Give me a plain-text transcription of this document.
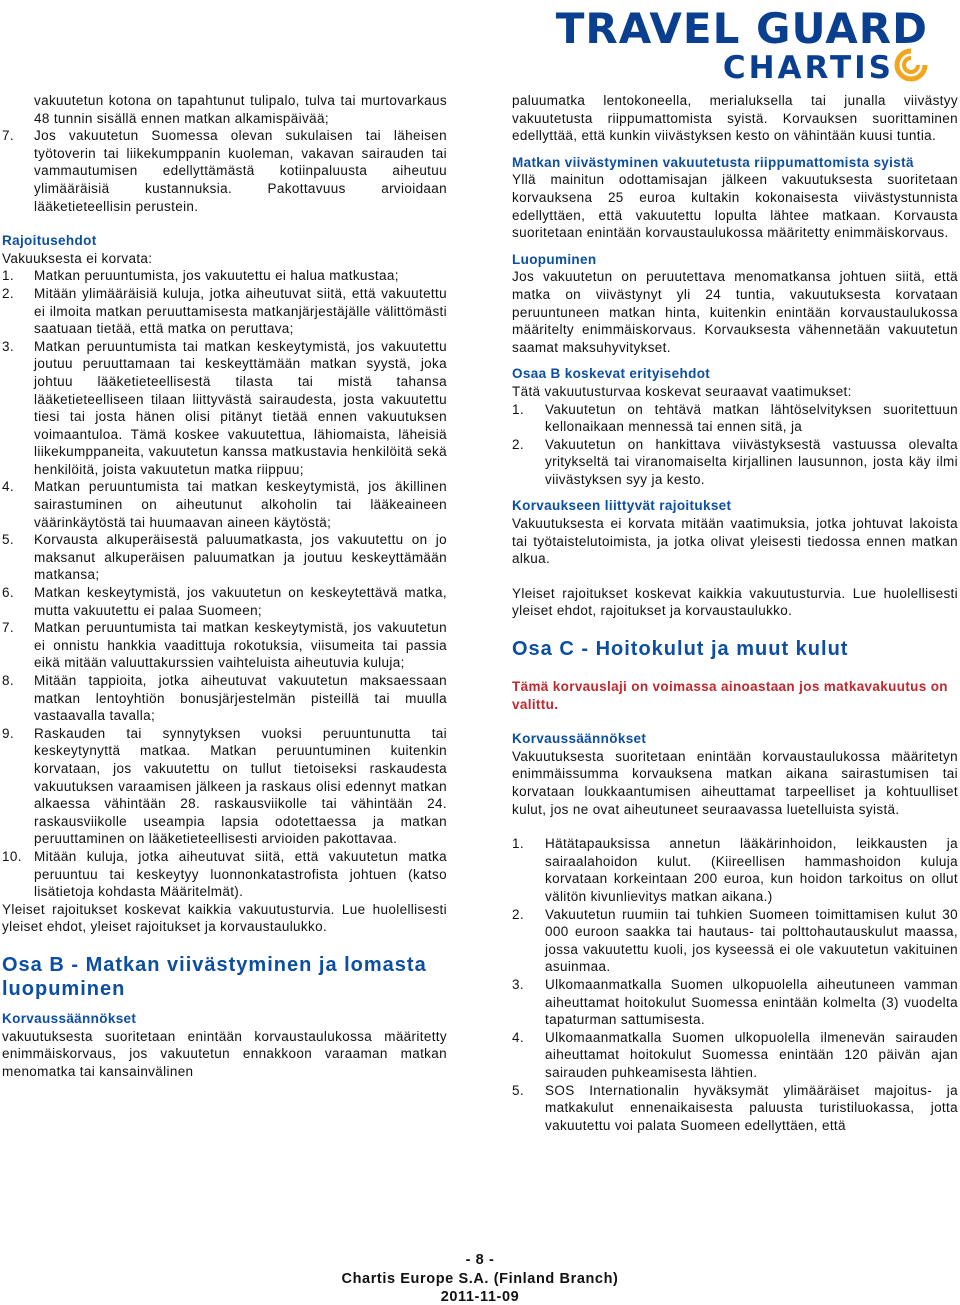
TRAVEL GUARD
CHARTIS
vakuutetun kotona on tapahtunut tulipalo, tulva tai murtovarkaus 48 tunnin sisällä ennen matkan alkamispäivää;
7.	Jos vakuutetun Suomessa olevan sukulaisen tai läheisen työtoverin tai liikekumppanin kuoleman, vakavan sairauden tai vammautumisen edellyttämästä kotiinpaluusta aiheutuu ylimääräisiä kustannuksia. Pakottavuus arvioidaan lääketieteellisin perustein.

Rajoitusehdot

Vakuuksesta ei korvata:

1.	Matkan peruuntumista, jos vakuutettu ei halua matkustaa;
2.	Mitään ylimääräisiä kuluja, jotka aiheutuvat siitä, että vakuutettu ei ilmoita matkan peruuttamisesta matkanjärjestäjälle välittömästi saatuaan tietää, että matka on peruttava;
3.	Matkan peruuntumista tai matkan keskeytymistä, jos vakuutettu joutuu peruuttamaan tai keskeyttämään matkan syystä, joka johtuu lääketieteellisestä tilasta tai mistä tahansa lääketieteelliseen tilaan liittyvästä sairaudesta, josta vakuutettu tiesi tai josta hänen olisi pitänyt tietää ennen vakuutuksen voimaantuloa. Tämä koskee vakuutettua, lähiomaista, läheisiä liikekumppaneita, vakuutetun kanssa matkustavia henkilöitä sekä henkilöitä, joista vakuutetun matka riippuu;
4.	Matkan peruuntumista tai matkan keskeytymistä, jos äkillinen sairastuminen on aiheutunut alkoholin tai lääkeaineen väärinkäytöstä tai huumaavan aineen käytöstä;
5.	Korvausta alkuperäisestä paluumatkasta, jos vakuutettu on jo maksanut alkuperäisen paluumatkan ja joutuu keskeyttämään matkansa;
6.	Matkan keskeytymistä, jos vakuutetun on keskeytettävä matka, mutta vakuutettu ei palaa Suomeen;
7.	Matkan peruuntumista tai matkan keskeytymistä, jos vakuutetun ei onnistu hankkia vaadittuja rokotuksia, viisumeita tai passia eikä mitään valuuttakurssien vaihteluista aiheutuvia kuluja;
8.	Mitään tappioita, jotka aiheutuvat vakuutetun maksaessaan matkan lentoyhtiön bonusjärjestelmän pisteillä tai muulla vastaavalla tavalla;
9.	Raskauden tai synnytyksen vuoksi peruuntunutta tai keskeytynyttä matkaa. Matkan peruuntuminen kuitenkin korvataan, jos vakuutettu on tullut tietoiseksi raskaudesta vakuutuksen varaamisen jälkeen ja raskaus olisi edennyt matkan alkaessa vähintään 28. raskausviikolle tai vähintään 24. raskausviikolle useampia lapsia odotettaessa ja matkan peruuttaminen on lääketieteellisesti arvioiden pakottavaa.
10. Mitään kuluja, jotka aiheutuvat siitä, että vakuutetun matka peruuntuu tai keskeytyy luonnonkatastrofista johtuen (katso lisätietoja kohdasta Määritelmät).

Yleiset rajoitukset koskevat kaikkia vakuutusturvia. Lue huolellisesti yleiset ehdot, yleiset rajoitukset ja korvaustaulukko.

Osa B - Matkan viivästyminen ja lomasta luopuminen

Korvaussäännökset

vakuutuksesta suoritetaan enintään korvaustaulukossa määritetty enimmäiskorvaus, jos vakuutetun ennakkoon varaaman matkan menomatka tai kansainvälinen

paluumatka lentokoneella, merialuksella tai junalla viivästyy vakuutetusta riippumattomista syistä. Korvauksen suorittaminen edellyttää, että kunkin viivästyksen kesto on vähintään kuusi tuntia.

Matkan viivästyminen vakuutetusta riippumattomista syistä

Yllä mainitun odottamisajan jälkeen vakuutuksesta suoritetaan korvauksena 25 euroa kultakin kokonaisesta viivästystunnista edellyttäen, että vakuutettu lopulta lähtee matkaan. Korvausta suoritetaan enintään korvaustaulukossa määritetty enimmäiskorvaus.

Luopuminen

Jos vakuutetun on peruutettava menomatkansa johtuen siitä, että matka on viivästynyt yli 24 tuntia, vakuutuksesta korvataan peruuntuneen matkan hinta, kuitenkin enintään korvaustaulukossa määritelty enimmäiskorvaus. Korvauksesta vähennetään vakuutetun saamat maksuhyvitykset.

Osaa B koskevat erityisehdot

Tätä vakuutusturvaa koskevat seuraavat vaatimukset:

1.	Vakuutetun on tehtävä matkan lähtöselvityksen suoritettuun kellonaikaan mennessä tai ennen sitä, ja
2.	Vakuutetun on hankittava viivästyksestä vastuussa olevalta yritykseltä tai viranomaiselta kirjallinen lausunnon, josta käy ilmi viivästyksen syy ja kesto.

Korvaukseen liittyvät rajoitukset

Vakuutuksesta ei korvata mitään vaatimuksia, jotka johtuvat lakoista tai työtaistelutoimista, ja jotka olivat yleisesti tiedossa ennen matkan alkua.

Yleiset rajoitukset koskevat kaikkia vakuutusturvia. Lue huolellisesti yleiset ehdot, rajoitukset ja korvaustaulukko.

Osa C - Hoitokulut ja muut kulut

Tämä korvauslaji on voimassa ainoastaan jos matkavakuutus on valittu.

Korvaussäännökset

Vakuutuksesta suoritetaan enintään korvaustaulukossa määritetyn enimmäissumma korvauksena matkan aikana sairastumisen tai korvataan loukkaantumisen aiheuttamat tarpeelliset ja kohtuulliset kulut, jos ne ovat aiheutuneet seuraavassa luetelluista syistä.

1.	Hätätapauksissa annetun lääkärinhoidon, leikkausten ja sairaalahoidon kulut. (Kiireellisen hammashoidon kuluja korvataan korkeintaan 200 euroa, kun hoidon tarkoitus on ollut välitön kivunlievitys matkan aikana.)
2.	Vakuutetun ruumiin tai tuhkien Suomeen toimittamisen kulut 30 000 euroon saakka tai hautaus- tai polttohautauskulut maassa, jossa vakuutettu kuoli, jos kyseessä ei ole vakuutetun vakituinen asuinmaa.
3.	Ulkomaanmatkalla Suomen ulkopuolella aiheutuneen vamman aiheuttamat hoitokulut Suomessa enintään kolmelta (3) vuodelta tapaturman sattumisesta.
4.	Ulkomaanmatkalla Suomen ulkopuolella ilmenevän sairauden aiheuttamat hoitokulut Suomessa enintään 120 päivän ajan sairauden puhkeamisesta lähtien.
5.	SOS Internationalin hyväksymät ylimääräiset majoitus- ja matkakulut ennenaikaisesta paluusta turistiluokassa, jotta vakuutettu voi palata Suomeen edellyttäen, että
- 8 -
Chartis Europe S.A. (Finland Branch)
2011-11-09
